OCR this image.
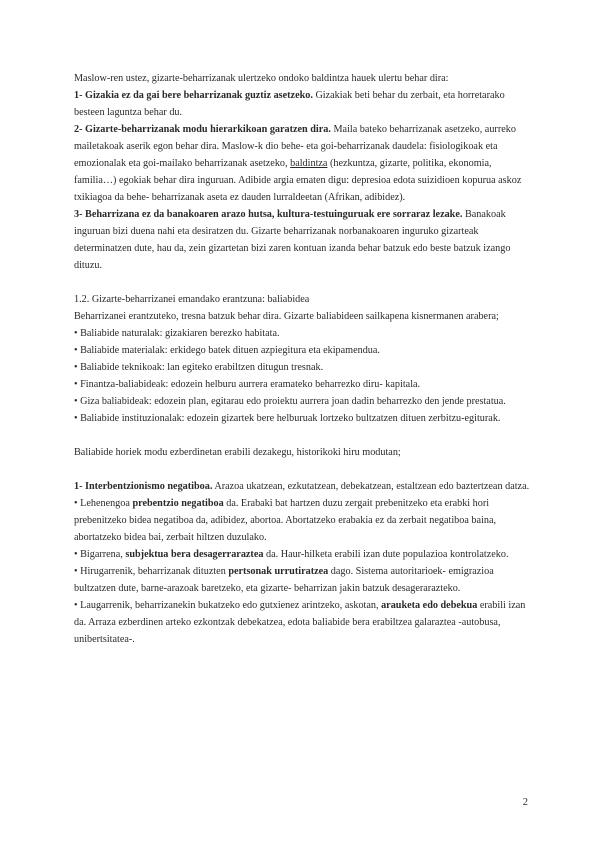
Maslow-ren ustez, gizarte-beharrizanak ulertzeko ondoko baldintza hauek ulertu behar dira:

1- Gizakia ez da gai bere beharrizanak guztiz asetzeko. Gizakiak beti behar du zerbait, eta horretarako besteen laguntza behar du.

2- Gizarte-beharrizanak modu hierarkikoan garatzen dira. Maila bateko beharrizanak asetzeko, aurreko mailetakoak aserik egon behar dira. Maslow-k dio behe- eta goi-beharrizanak daudela: fisiologikoak eta emozionalak eta goi-mailako beharrizanak asetzeko, baldintza (hezkuntza, gizarte, politika, ekonomia, familia…) egokiak behar dira inguruan. Adibide argia ematen digu: depresioa edota suizidioen kopurua askoz txikiagoa da behe- beharrizanak aseta ez dauden lurraldeetan (Afrikan, adibidez).

3- Beharrizana ez da banakoaren arazo hutsa, kultura-testuinguruak ere sorraraz lezake. Banakoak inguruan bizi duena nahi eta desiratzen du. Gizarte beharrizanak norbanakoaren inguruko gizarteak determinatzen dute, hau da, zein gizartetan bizi zaren kontuan izanda behar batzuk edo beste batzuk izango dituzu.

1.2. Gizarte-beharrizanei emandako erantzuna: baliabidea

Beharrizanei erantzuteko, tresna batzuk behar dira. Gizarte baliabideen sailkapena kisnermanen arabera;

• Baliabide naturalak: gizakiaren berezko habitata.

• Baliabide materialak: erkidego batek dituen azpiegitura eta ekipamendua.

• Baliabide teknikoak: lan egiteko erabiltzen ditugun tresnak.

• Finantza-baliabideak: edozein helburu aurrera eramateko beharrezko diru- kapitala.

• Giza baliabideak: edozein plan, egitarau edo proiektu aurrera joan dadin beharrezko den jende prestatua.

• Baliabide instituzionalak: edozein gizartek bere helburuak lortzeko bultzatzen dituen zerbitzu-egiturak.

Baliabide horiek modu ezberdinetan erabili dezakegu, historikoki hiru modutan;

1- Interbentzionismo negatiboa. Arazoa ukatzean, ezkutatzean, debekatzean, estaltzean edo baztertzean datza.

• Lehenengoa prebentzio negatiboa da. Erabaki bat hartzen duzu zergait prebenitzeko eta erabki hori prebenitzeko bidea negatiboa da, adibidez, abortoa. Abortatzeko erabakia ez da zerbait negatiboa baina, abortatzeko bidea bai, zerbait hiltzen duzulako.

• Bigarrena, subjektua bera desagerraraztea da. Haur-hilketa erabili izan dute populazioa kontrolatzeko.

• Hirugarrenik, beharrizanak dituzten pertsonak urrutiratzea dago. Sistema autoritarioek- emigrazioa bultzatzen dute, barne-arazoak baretzeko, eta gizarte- beharrizan jakin batzuk desagerarazteko.

• Laugarrenik, beharrizanekin bukatzeko edo gutxienez arintzeko, askotan, arauketa edo debekua erabili izan da. Arraza ezberdinen arteko ezkontzak debekatzea, edota baliabide bera erabiltzea galaraztea -autobusa, unibertsitatea-.

2
